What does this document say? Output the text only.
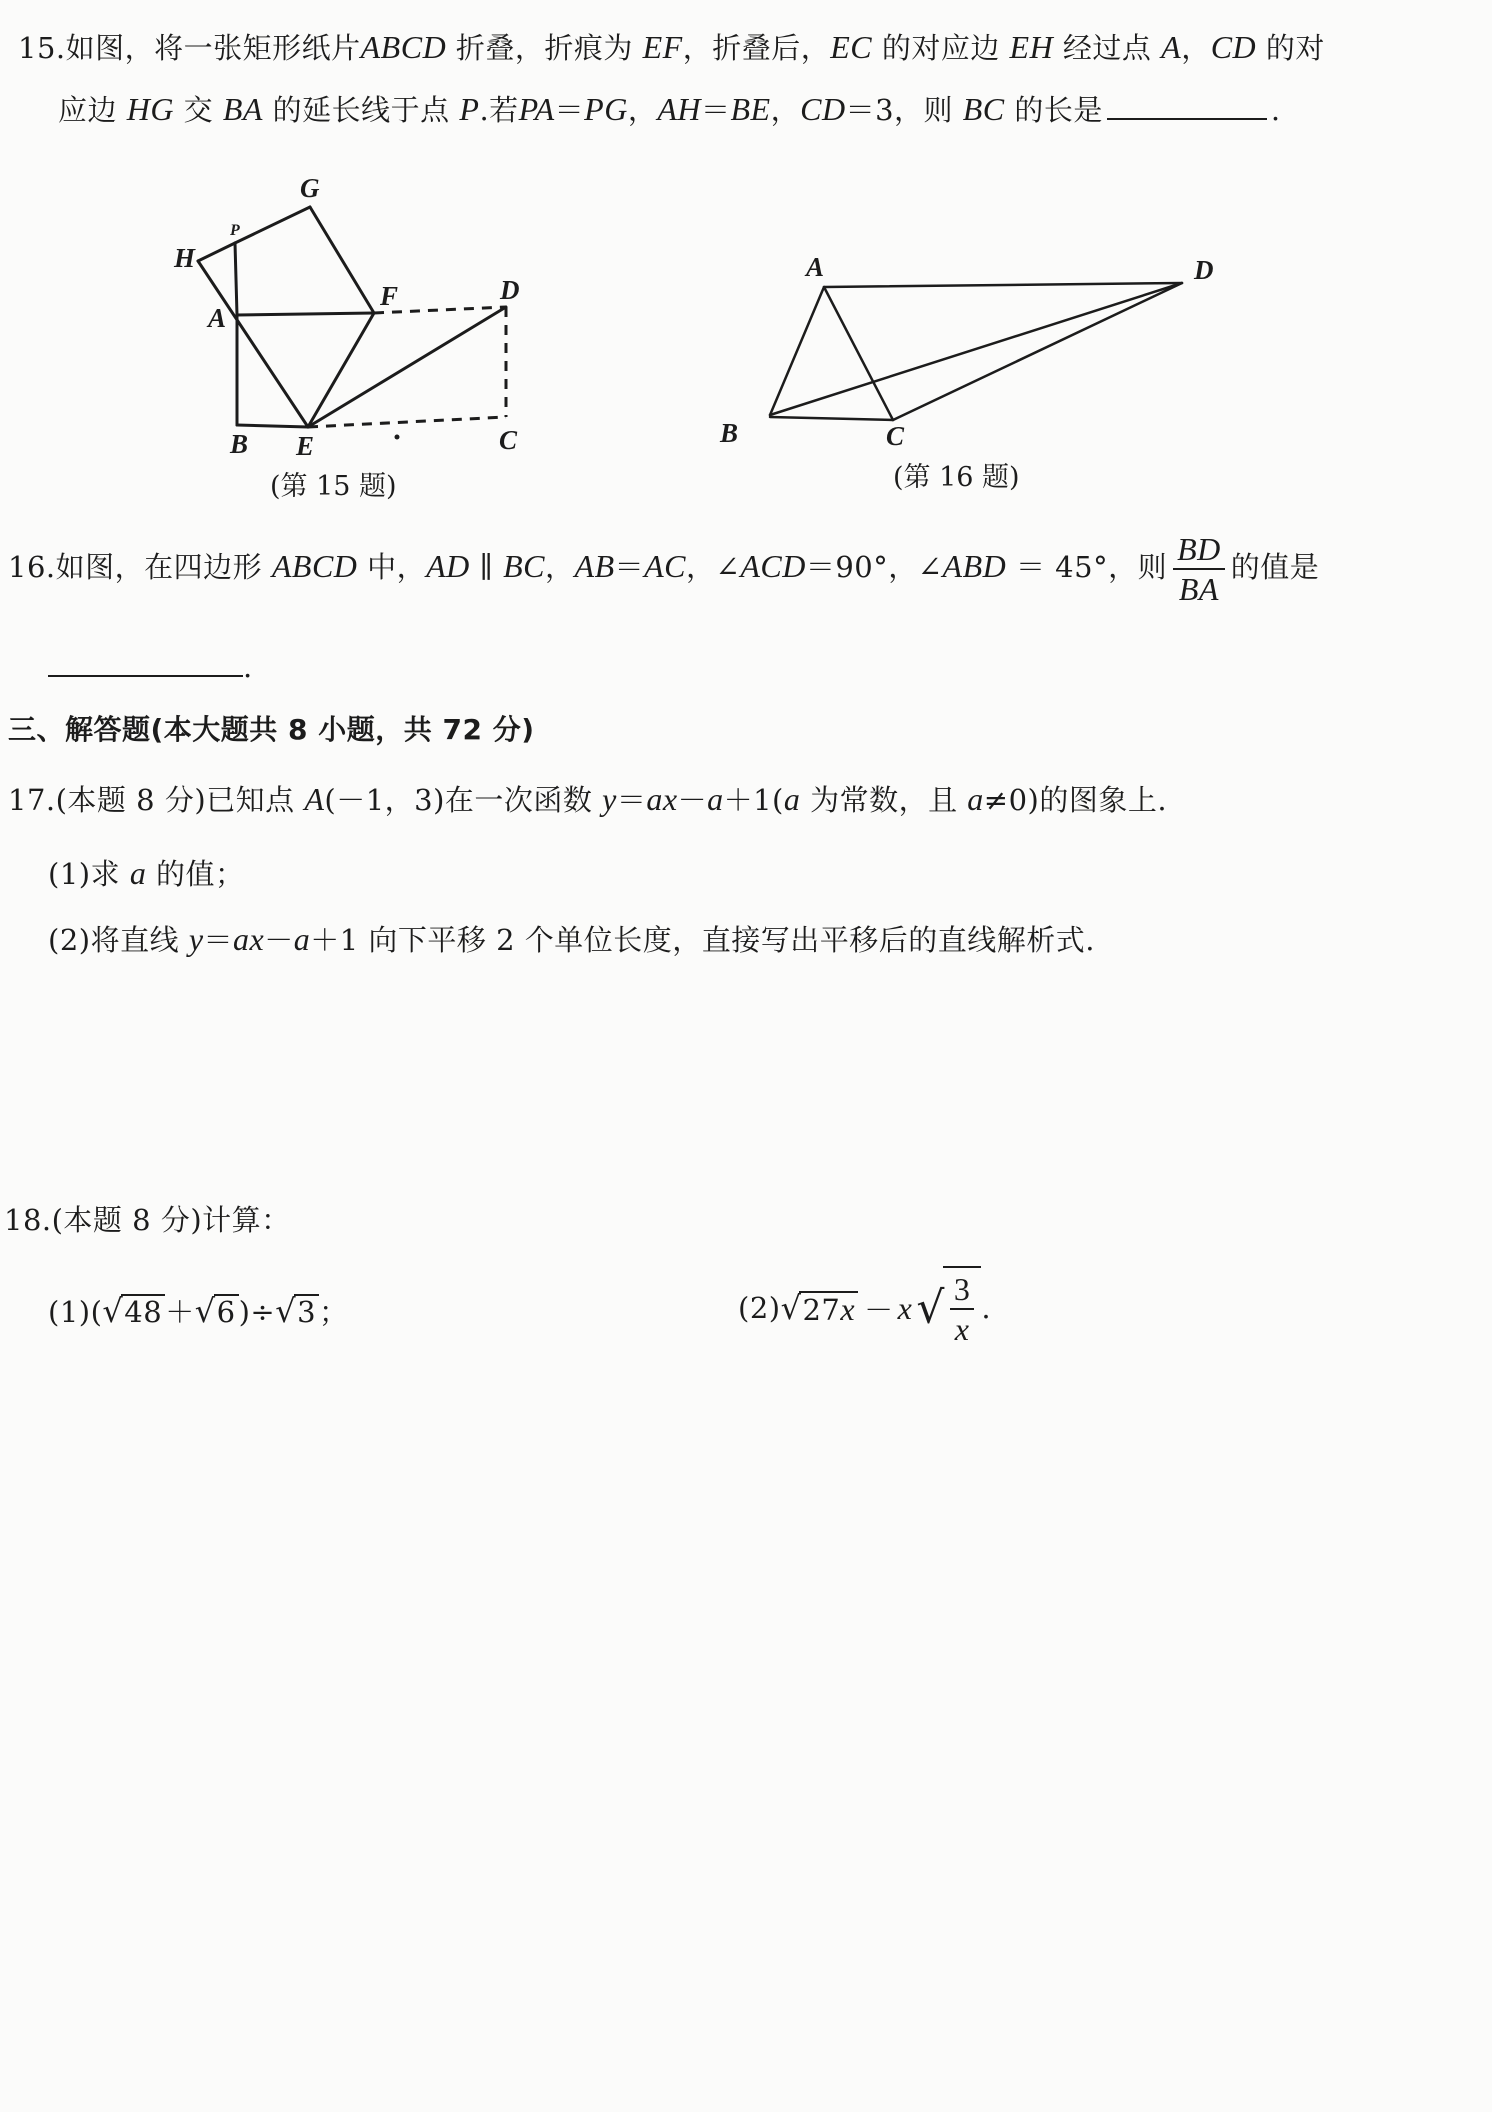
15.如图，将一张矩形纸片ABCD 折叠，折痕为 EF，折叠后，EC 的对应边 EH 经过点 A，CD 的对
应边 HG 交 BA 的延长线于点 P.若PA＝PG，AH＝BE，CD＝3，则 BC 的长是	.
G
P
H
F	D
A
B E	C
(第 15 题)
A	D
B	C
(第 16 题)
16.如图，在四边形 ABCD 中，AD ∥ BC，AB＝AC，∠ACD＝90°，∠ABD ＝ 45°，则 $\frac{BD}{BA}$ 的值是
.
三、解答题(本大题共 8 小题，共 72 分)
17.(本题 8 分)已知点 A(－1，3)在一次函数 y＝ax－a＋1(a 为常数，且 a≠0)的图象上.
(1)求 a 的值；
(2)将直线 y＝ax－a＋1 向下平移 2 个单位长度，直接写出平移后的直线解析式.
18.(本题 8 分)计算：
(1)(√48 ＋√6 )÷√3 ；	$(2)√27x - x√ \frac{3}{x}$ .
